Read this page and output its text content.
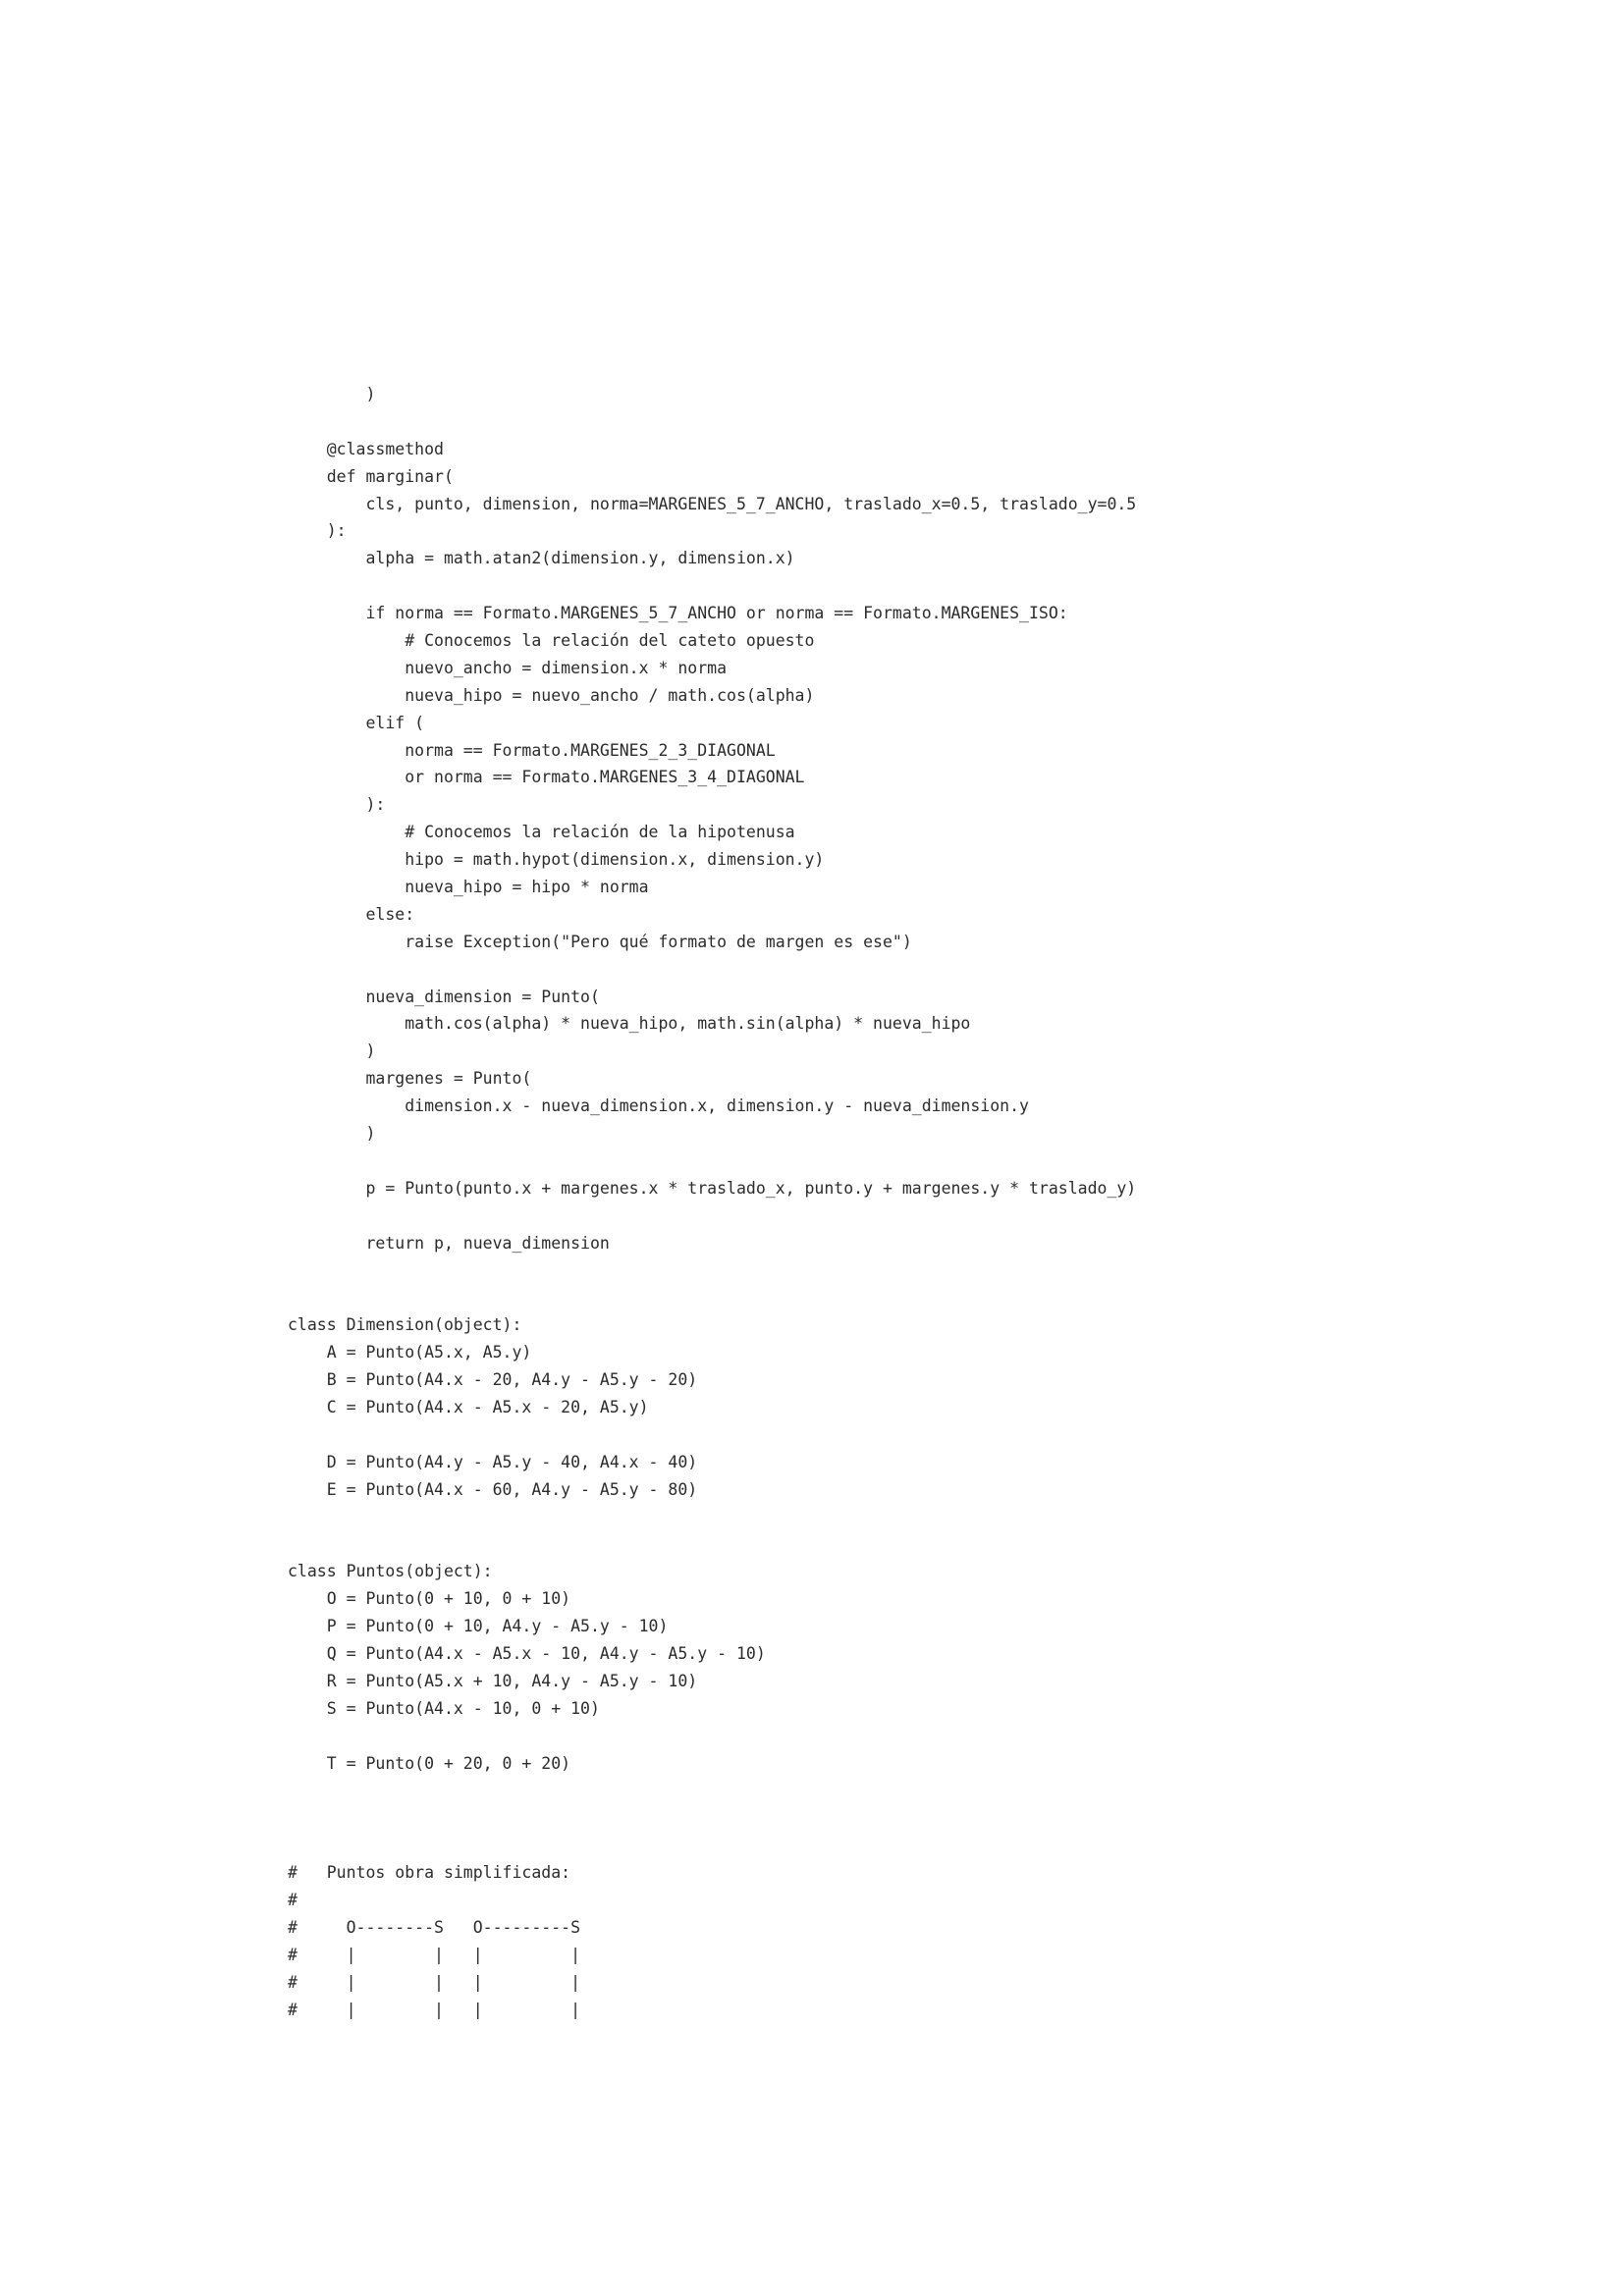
)
@classmethod
def marginar(
cls, punto, dimension, norma=MARGENES_5_7_ANCHO, traslado_x=0.5, traslado_y=0.5
):
alpha = math.atan2(dimension.y, dimension.x)
if norma == Formato.MARGENES_5_7_ANCHO or norma == Formato.MARGENES_ISO:
# Conocemos la relación del cateto opuesto
nuevo_ancho = dimension.x * norma
nueva_hipo = nuevo_ancho / math.cos(alpha)
elif (
norma == Formato.MARGENES_2_3_DIAGONAL
or norma == Formato.MARGENES_3_4_DIAGONAL
):
# Conocemos la relación de la hipotenusa
hipo = math.hypot(dimension.x, dimension.y)
nueva_hipo = hipo * norma
else:
raise Exception("Pero qué formato de margen es ese")
nueva_dimension = Punto(
math.cos(alpha) * nueva_hipo, math.sin(alpha) * nueva_hipo
)
margenes = Punto(
dimension.x - nueva_dimension.x, dimension.y - nueva_dimension.y
)
p = Punto(punto.x + margenes.x * traslado_x, punto.y + margenes.y * traslado_y)
return p, nueva_dimension
class Dimension(object):
A = Punto(A5.x, A5.y)
B = Punto(A4.x - 20, A4.y - A5.y - 20)
C = Punto(A4.x - A5.x - 20, A5.y)
D = Punto(A4.y - A5.y - 40, A4.x - 40)
E = Punto(A4.x - 60, A4.y - A5.y - 80)
class Puntos(object):
O = Punto(0 + 10, 0 + 10)
P = Punto(0 + 10, A4.y - A5.y - 10)
Q = Punto(A4.x - A5.x - 10, A4.y - A5.y - 10)
R = Punto(A5.x + 10, A4.y - A5.y - 10)
S = Punto(A4.x - 10, 0 + 10)
T = Punto(0 + 20, 0 + 20)
#   Puntos obra simplificada:
#
#     O--------S   O---------S
#     |        |   |         |
#     |        |   |         |
#     |        |   |         |
